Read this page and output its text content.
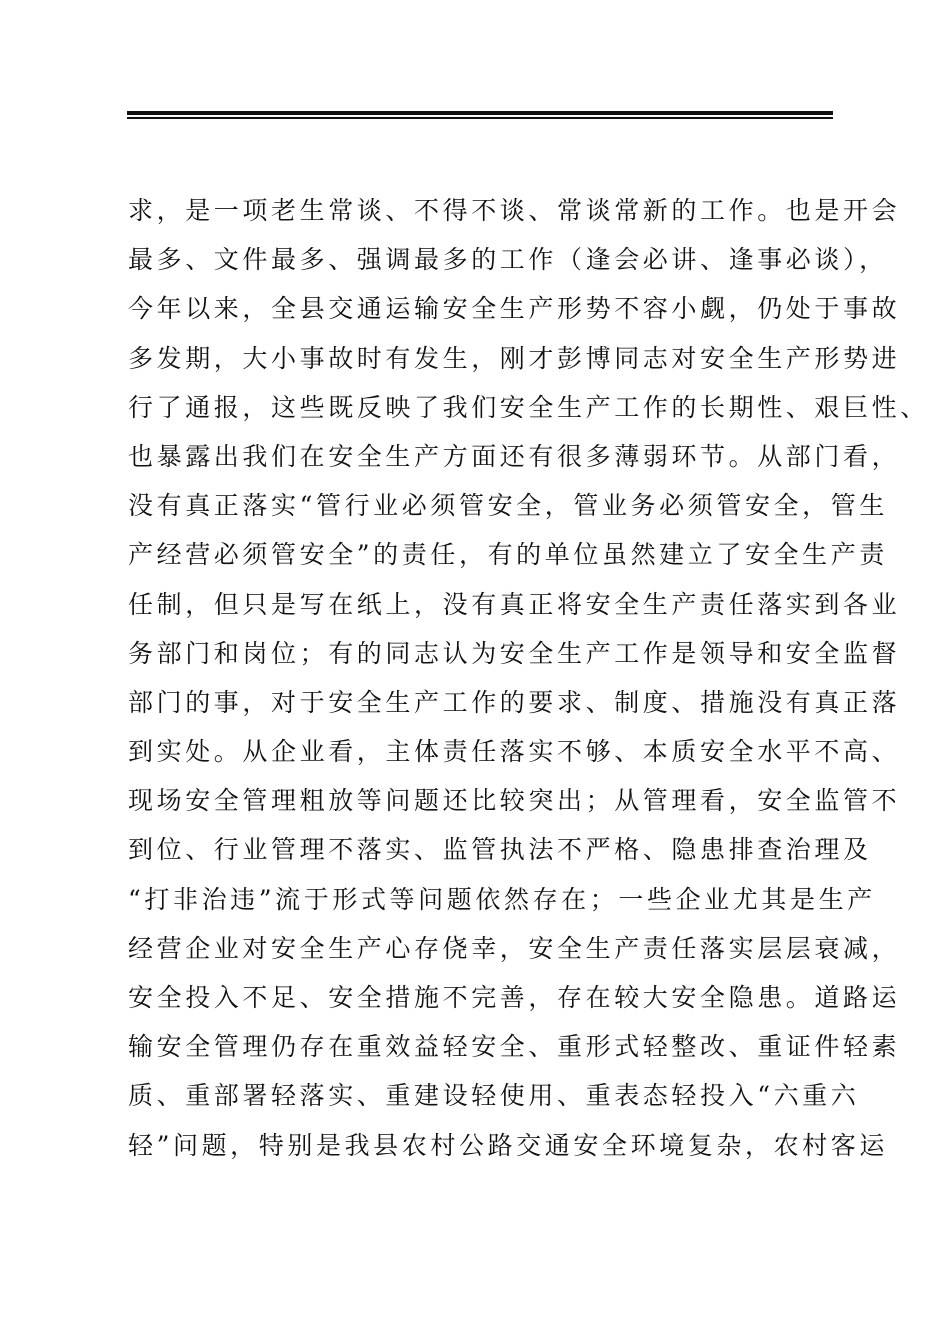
求，是一项老生常谈、不得不谈、常谈常新的工作。也是开会
最多、文件最多、强调最多的工作（逢会必讲、逢事必谈），
今年以来，全县交通运输安全生产形势不容小觑，仍处于事故
多发期，大小事故时有发生，刚才彭博同志对安全生产形势进
行了通报，这些既反映了我们安全生产工作的长期性、艰巨性、
也暴露出我们在安全生产方面还有很多薄弱环节。从部门看，
没有真正落实“管行业必须管安全，管业务必须管安全，管生
产经营必须管安全”的责任，有的单位虽然建立了安全生产责
任制，但只是写在纸上，没有真正将安全生产责任落实到各业
务部门和岗位；有的同志认为安全生产工作是领导和安全监督
部门的事，对于安全生产工作的要求、制度、措施没有真正落
到实处。从企业看，主体责任落实不够、本质安全水平不高、
现场安全管理粗放等问题还比较突出；从管理看，安全监管不
到位、行业管理不落实、监管执法不严格、隐患排查治理及
“打非治违”流于形式等问题依然存在；一些企业尤其是生产
经营企业对安全生产心存侥幸，安全生产责任落实层层衰减，
安全投入不足、安全措施不完善，存在较大安全隐患。道路运
输安全管理仍存在重效益轻安全、重形式轻整改、重证件轻素
质、重部署轻落实、重建设轻使用、重表态轻投入“六重六
轻”问题，特别是我县农村公路交通安全环境复杂，农村客运
